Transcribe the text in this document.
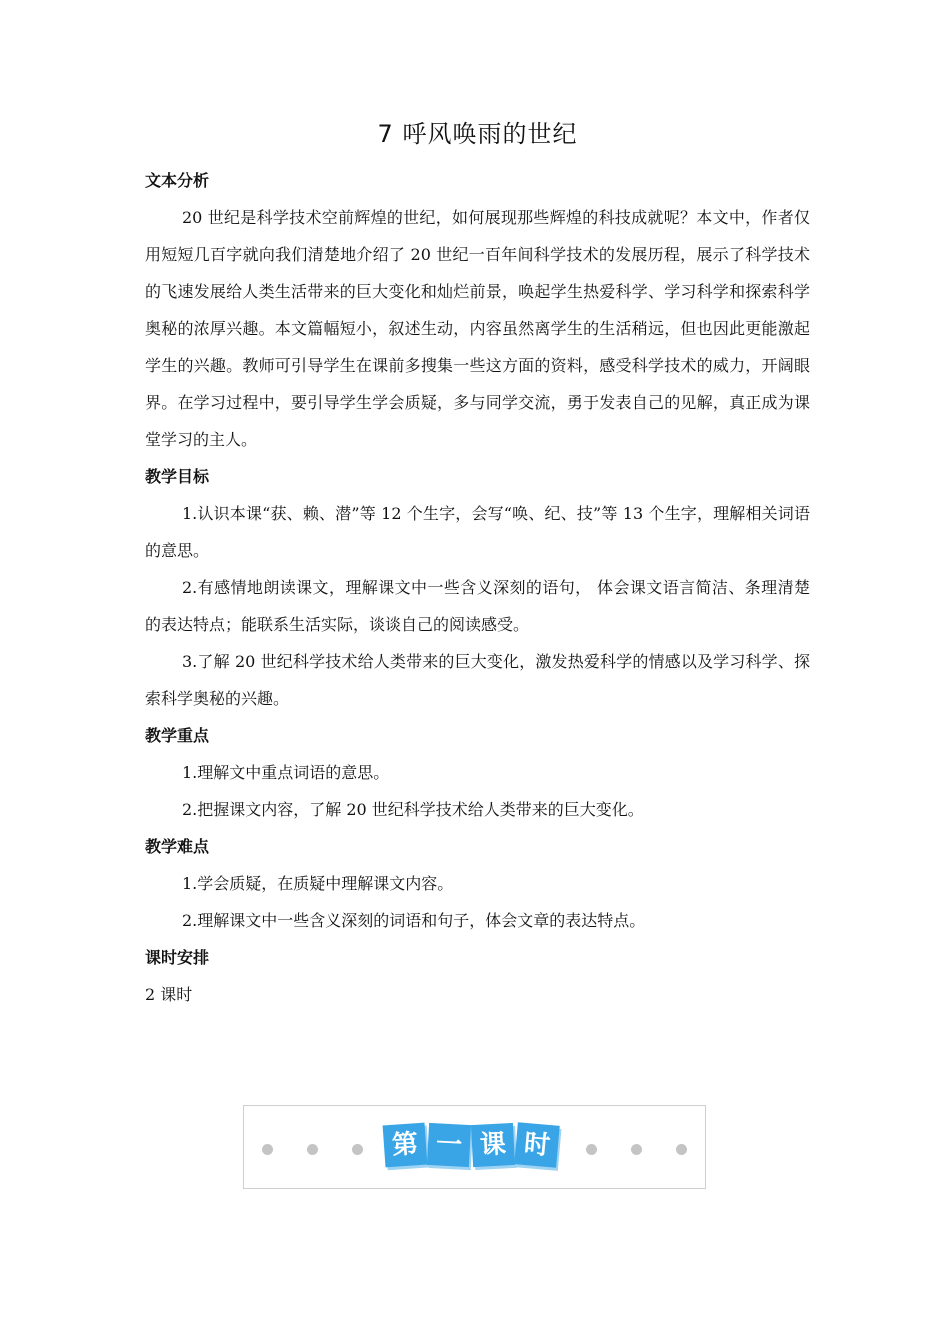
7 呼风唤雨的世纪
文本分析

20 世纪是科学技术空前辉煌的世纪，如何展现那些辉煌的科技成就呢？本文中，作者仅用短短几百字就向我们清楚地介绍了 20 世纪一百年间科学技术的发展历程，展示了科学技术的飞速发展给人类生活带来的巨大变化和灿烂前景，唤起学生热爱科学、学习科学和探索科学奥秘的浓厚兴趣。本文篇幅短小，叙述生动，内容虽然离学生的生活稍远，但也因此更能激起学生的兴趣。教师可引导学生在课前多搜集一些这方面的资料，感受科学技术的威力，开阔眼界。在学习过程中，要引导学生学会质疑，多与同学交流，勇于发表自己的见解，真正成为课堂学习的主人。

教学目标

1.认识本课“获、赖、潜”等 12 个生字，会写“唤、纪、技”等 13 个生字，理解相关词语的意思。

2.有感情地朗读课文，理解课文中一些含义深刻的语句， 体会课文语言简洁、条理清楚的表达特点；能联系生活实际，谈谈自己的阅读感受。

3.了解 20 世纪科学技术给人类带来的巨大变化，激发热爱科学的情感以及学习科学、探索科学奥秘的兴趣。

教学重点

1.理解文中重点词语的意思。

2.把握课文内容，了解 20 世纪科学技术给人类带来的巨大变化。

教学难点

1.学会质疑，在质疑中理解课文内容。

2.理解课文中一些含义深刻的词语和句子，体会文章的表达特点。

课时安排

2 课时

第 一 课 时
